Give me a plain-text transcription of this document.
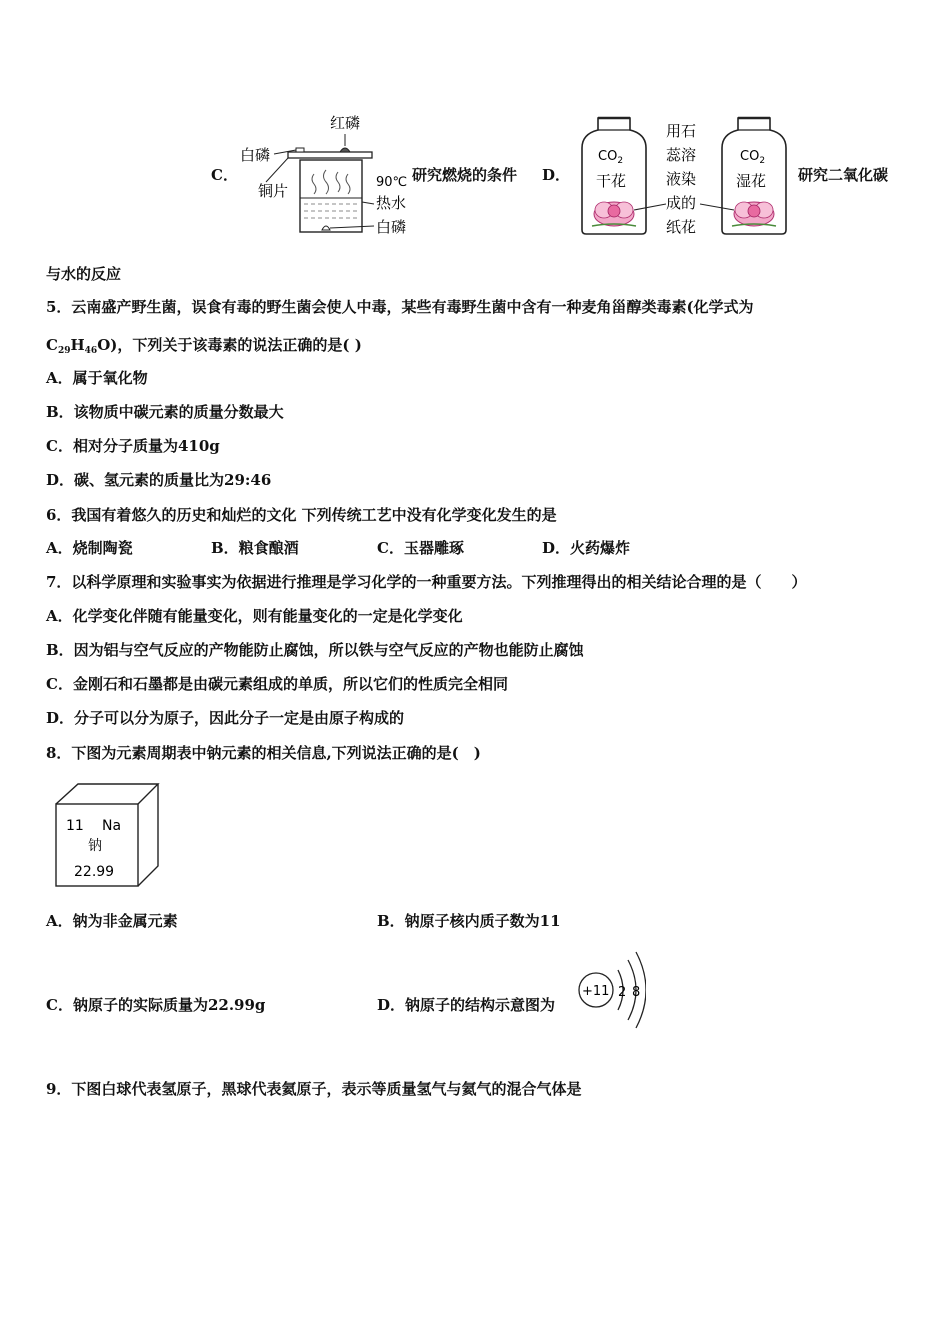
C．
红磷
白磷
铜片	90℃
热水
白磷
研究燃烧的条件 D．
$CO_2$
干花
用石
蕊溶
液染
成的
纸花
$CO_2$
湿花 研究二氧化碳
与水的反应
5．云南盛产野生菌，误食有毒的野生菌会使人中毒，某些有毒野生菌中含有一种麦角甾醇类毒素(化学式为
$C_{29}H_{46}O$)，下列关于该毒素的说法正确的是( )
A．属于氧化物
B．该物质中碳元素的质量分数最大
C．相对分子质量为410g
D．碳、氢元素的质量比为29:46
6．我国有着悠久的历史和灿烂的文化 下列传统工艺中没有化学变化发生的是
A．烧制陶瓷	B．粮食酿酒	C．玉器雕琢	D．火药爆炸
7．以科学原理和实验事实为依据进行推理是学习化学的一种重要方法。下列推理得出的相关结论合理的是（　　）
A．化学变化伴随有能量变化，则有能量变化的一定是化学变化
B．因为铝与空气反应的产物能防止腐蚀，所以铁与空气反应的产物也能防止腐蚀
C．金刚石和石墨都是由碳元素组成的单质，所以它们的性质完全相同
D．分子可以分为原子，因此分子一定是由原子构成的
8．下图为元素周期表中钠元素的相关信息,下列说法正确的是(　)
11 Na
钠
22.99
A．钠为非金属元素	B．钠原子核内质子数为11
C．钠原子的实际质量为22.99g	D．钠原子的结构示意图为
+11 2 8
9．下图白球代表氢原子，黑球代表氦原子，表示等质量氢气与氦气的混合气体是
